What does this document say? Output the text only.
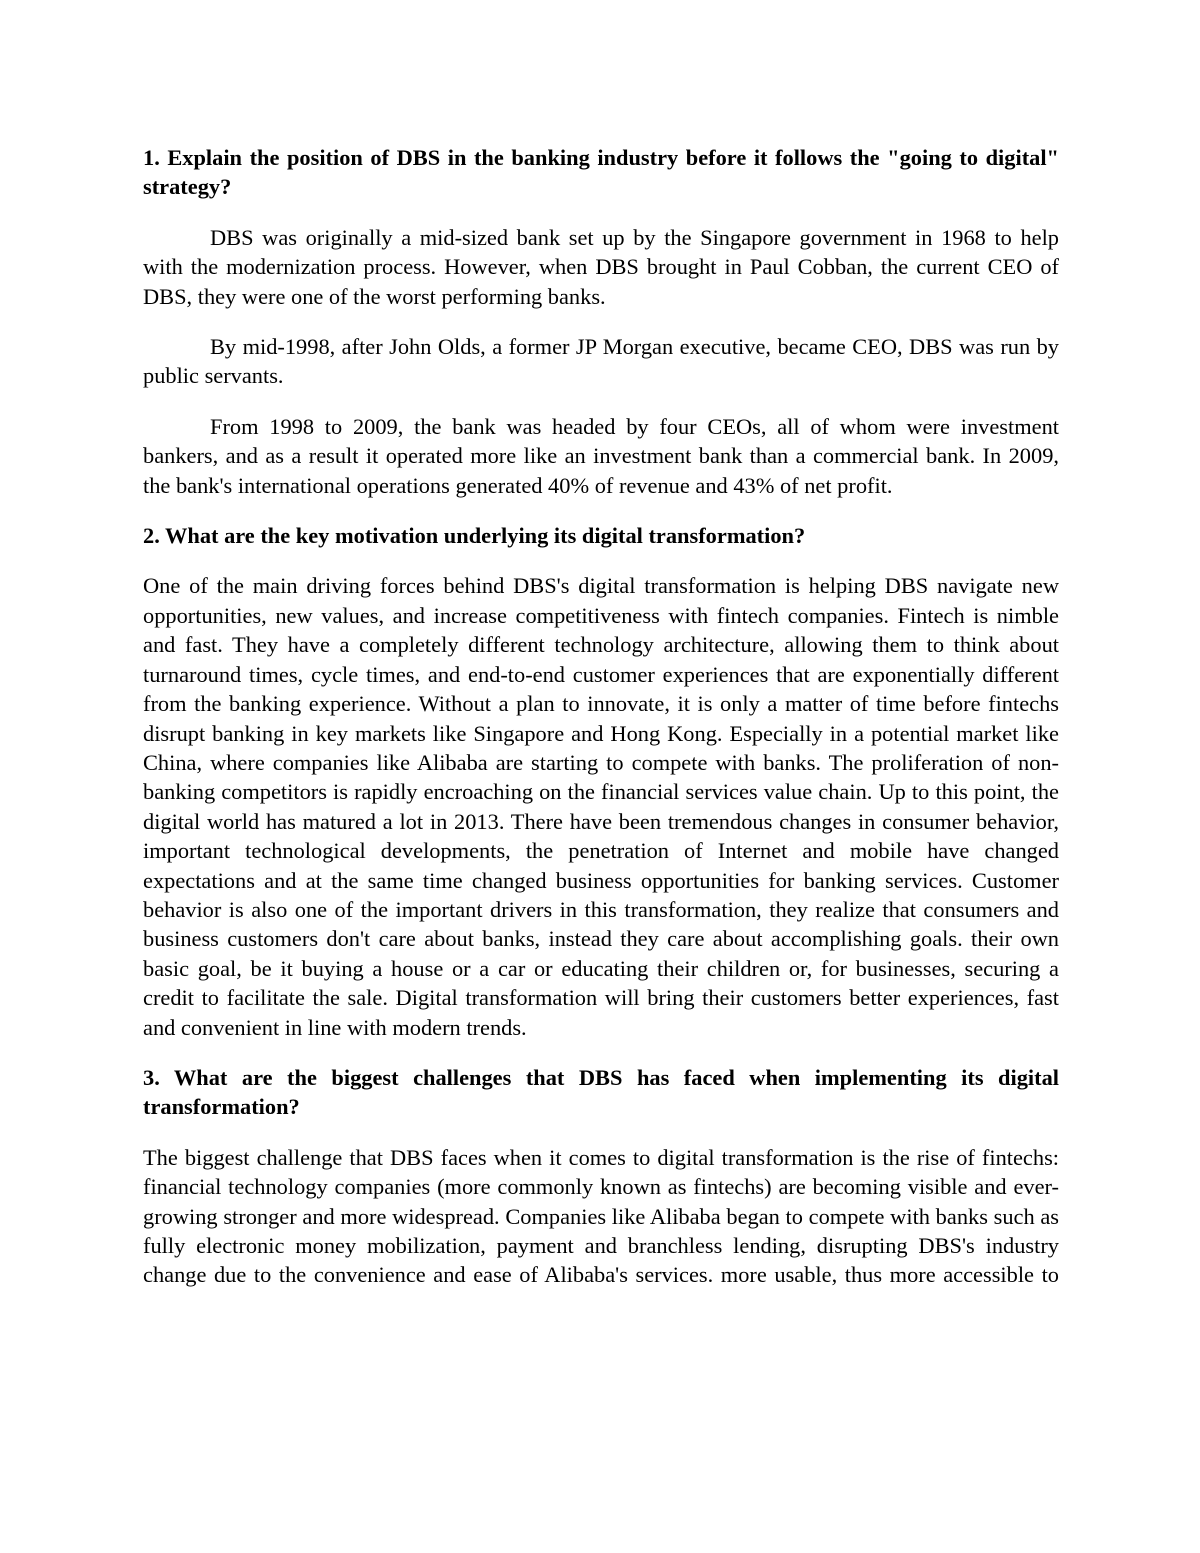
1. Explain the position of DBS in the banking industry before it follows the "going to digital" strategy?

DBS was originally a mid-sized bank set up by the Singapore government in 1968 to help with the modernization process. However, when DBS brought in Paul Cobban, the current CEO of DBS, they were one of the worst performing banks.

By mid-1998, after John Olds, a former JP Morgan executive, became CEO, DBS was run by public servants.

From 1998 to 2009, the bank was headed by four CEOs, all of whom were investment bankers, and as a result it operated more like an investment bank than a commercial bank. In 2009, the bank's international operations generated 40% of revenue and 43% of net profit.

2. What are the key motivation underlying its digital transformation?

One of the main driving forces behind DBS's digital transformation is helping DBS navigate new opportunities, new values, and increase competitiveness with fintech companies. Fintech is nimble and fast. They have a completely different technology architecture, allowing them to think about turnaround times, cycle times, and end-to-end customer experiences that are exponentially different from the banking experience. Without a plan to innovate, it is only a matter of time before fintechs disrupt banking in key markets like Singapore and Hong Kong. Especially in a potential market like China, where companies like Alibaba are starting to compete with banks. The proliferation of non-banking competitors is rapidly encroaching on the financial services value chain. Up to this point, the digital world has matured a lot in 2013. There have been tremendous changes in consumer behavior, important technological developments, the penetration of Internet and mobile have changed expectations and at the same time changed business opportunities for banking services. Customer behavior is also one of the important drivers in this transformation, they realize that consumers and business customers don't care about banks, instead they care about accomplishing goals. their own basic goal, be it buying a house or a car or educating their children or, for businesses, securing a credit to facilitate the sale. Digital transformation will bring their customers better experiences, fast and convenient in line with modern trends.

3. What are the biggest challenges that DBS has faced when implementing its digital transformation?

The biggest challenge that DBS faces when it comes to digital transformation is the rise of fintechs: financial technology companies (more commonly known as fintechs) are becoming visible and ever-growing stronger and more widespread. Companies like Alibaba began to compete with banks such as fully electronic money mobilization, payment and branchless lending, disrupting DBS's industry change due to the convenience and ease of Alibaba's services. more usable, thus more accessible to
